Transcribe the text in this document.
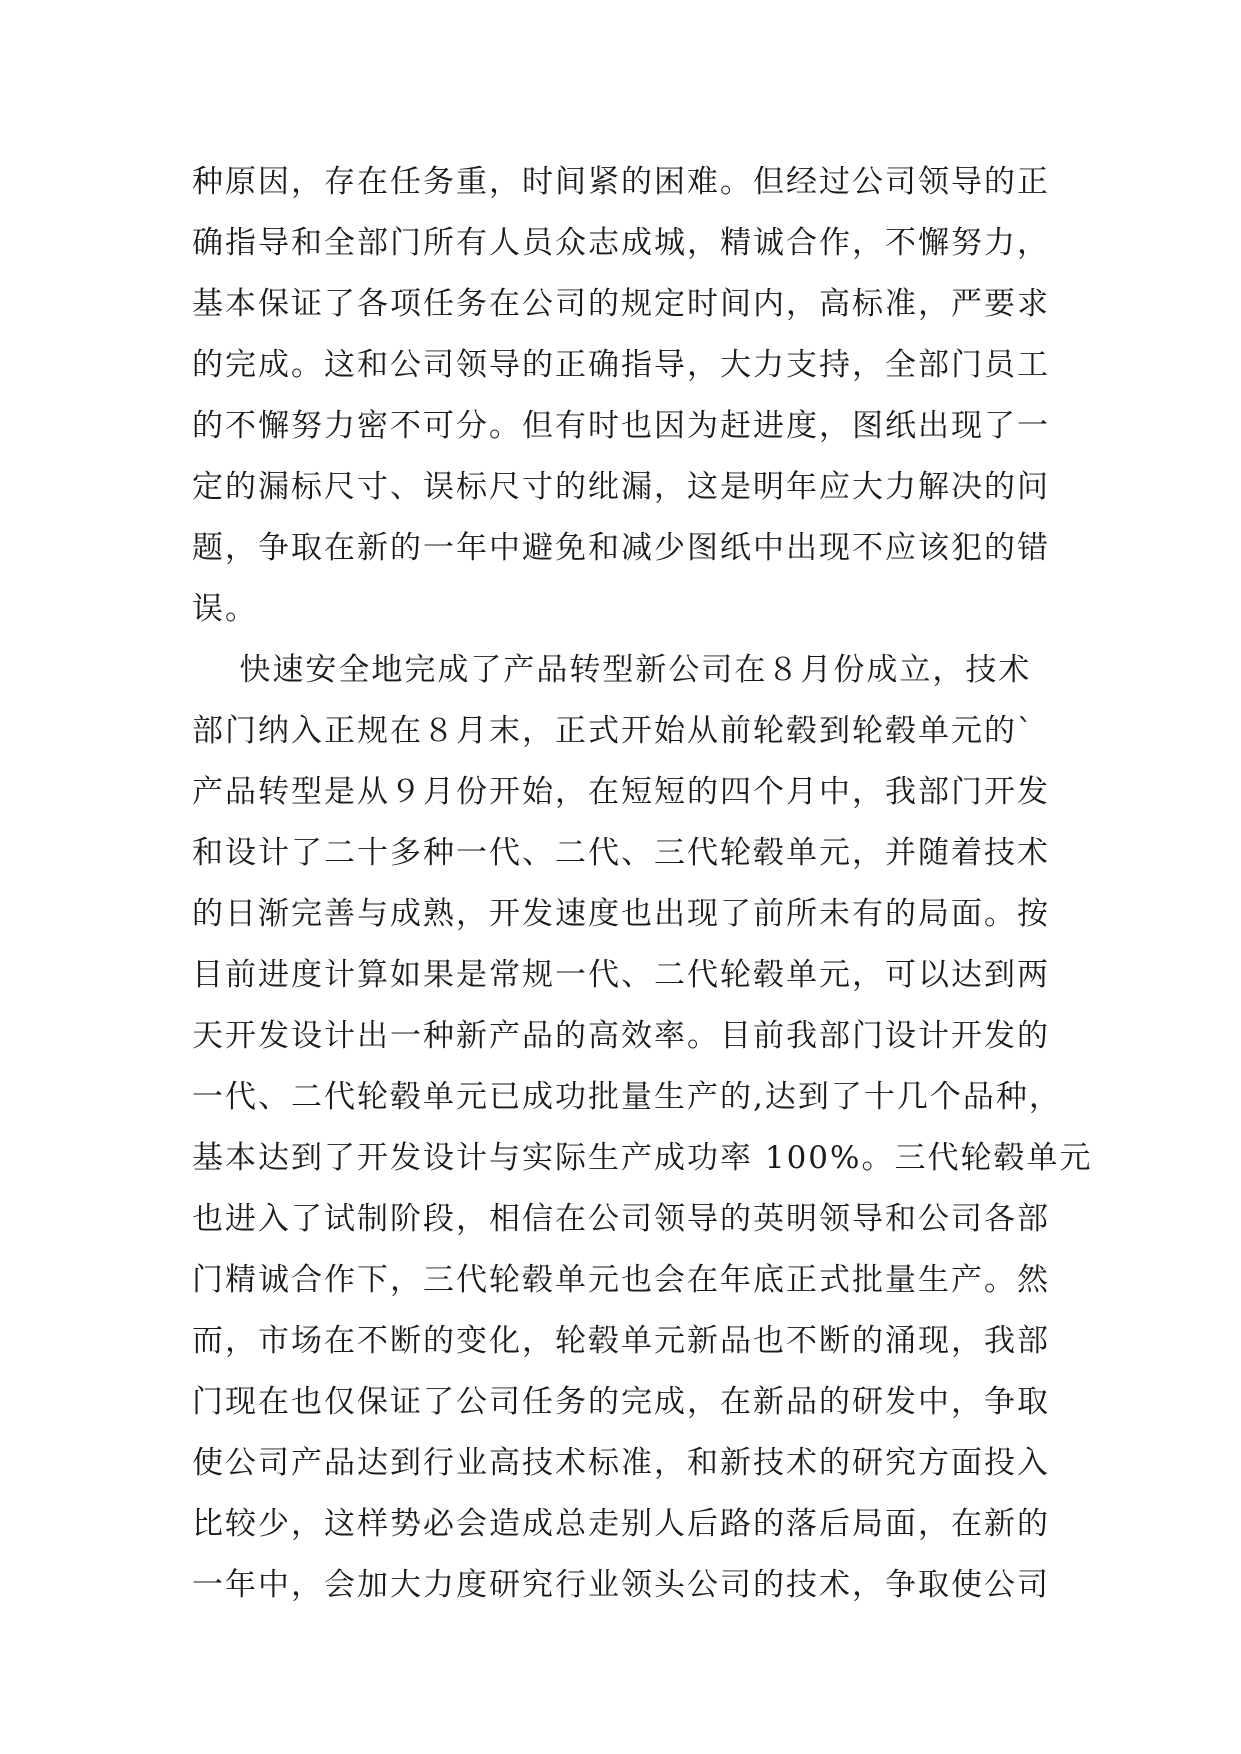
种原因，存在任务重，时间紧的困难。但经过公司领导的正

确指导和全部门所有人员众志成城，精诚合作，不懈努力，

基本保证了各项任务在公司的规定时间内，高标准，严要求

的完成。这和公司领导的正确指导，大力支持，全部门员工

的不懈努力密不可分。但有时也因为赶进度，图纸出现了一

定的漏标尺寸、误标尺寸的纰漏，这是明年应大力解决的问

题，争取在新的一年中避免和减少图纸中出现不应该犯的错

误。

快速安全地完成了产品转型新公司在８月份成立，技术

部门纳入正规在８月末，正式开始从前轮毂到轮毂单元的`

产品转型是从９月份开始，在短短的四个月中，我部门开发

和设计了二十多种一代、二代、三代轮毂单元，并随着技术

的日渐完善与成熟，开发速度也出现了前所未有的局面。按

目前进度计算如果是常规一代、二代轮毂单元，可以达到两

天开发设计出一种新产品的高效率。目前我部门设计开发的

一代、二代轮毂单元已成功批量生产的,达到了十几个品种，

基本达到了开发设计与实际生产成功率 100%。三代轮毂单元

也进入了试制阶段，相信在公司领导的英明领导和公司各部

门精诚合作下，三代轮毂单元也会在年底正式批量生产。然

而，市场在不断的变化，轮毂单元新品也不断的涌现，我部

门现在也仅保证了公司任务的完成，在新品的研发中，争取

使公司产品达到行业高技术标准，和新技术的研究方面投入

比较少，这样势必会造成总走别人后路的落后局面，在新的

一年中，会加大力度研究行业领头公司的技术，争取使公司
